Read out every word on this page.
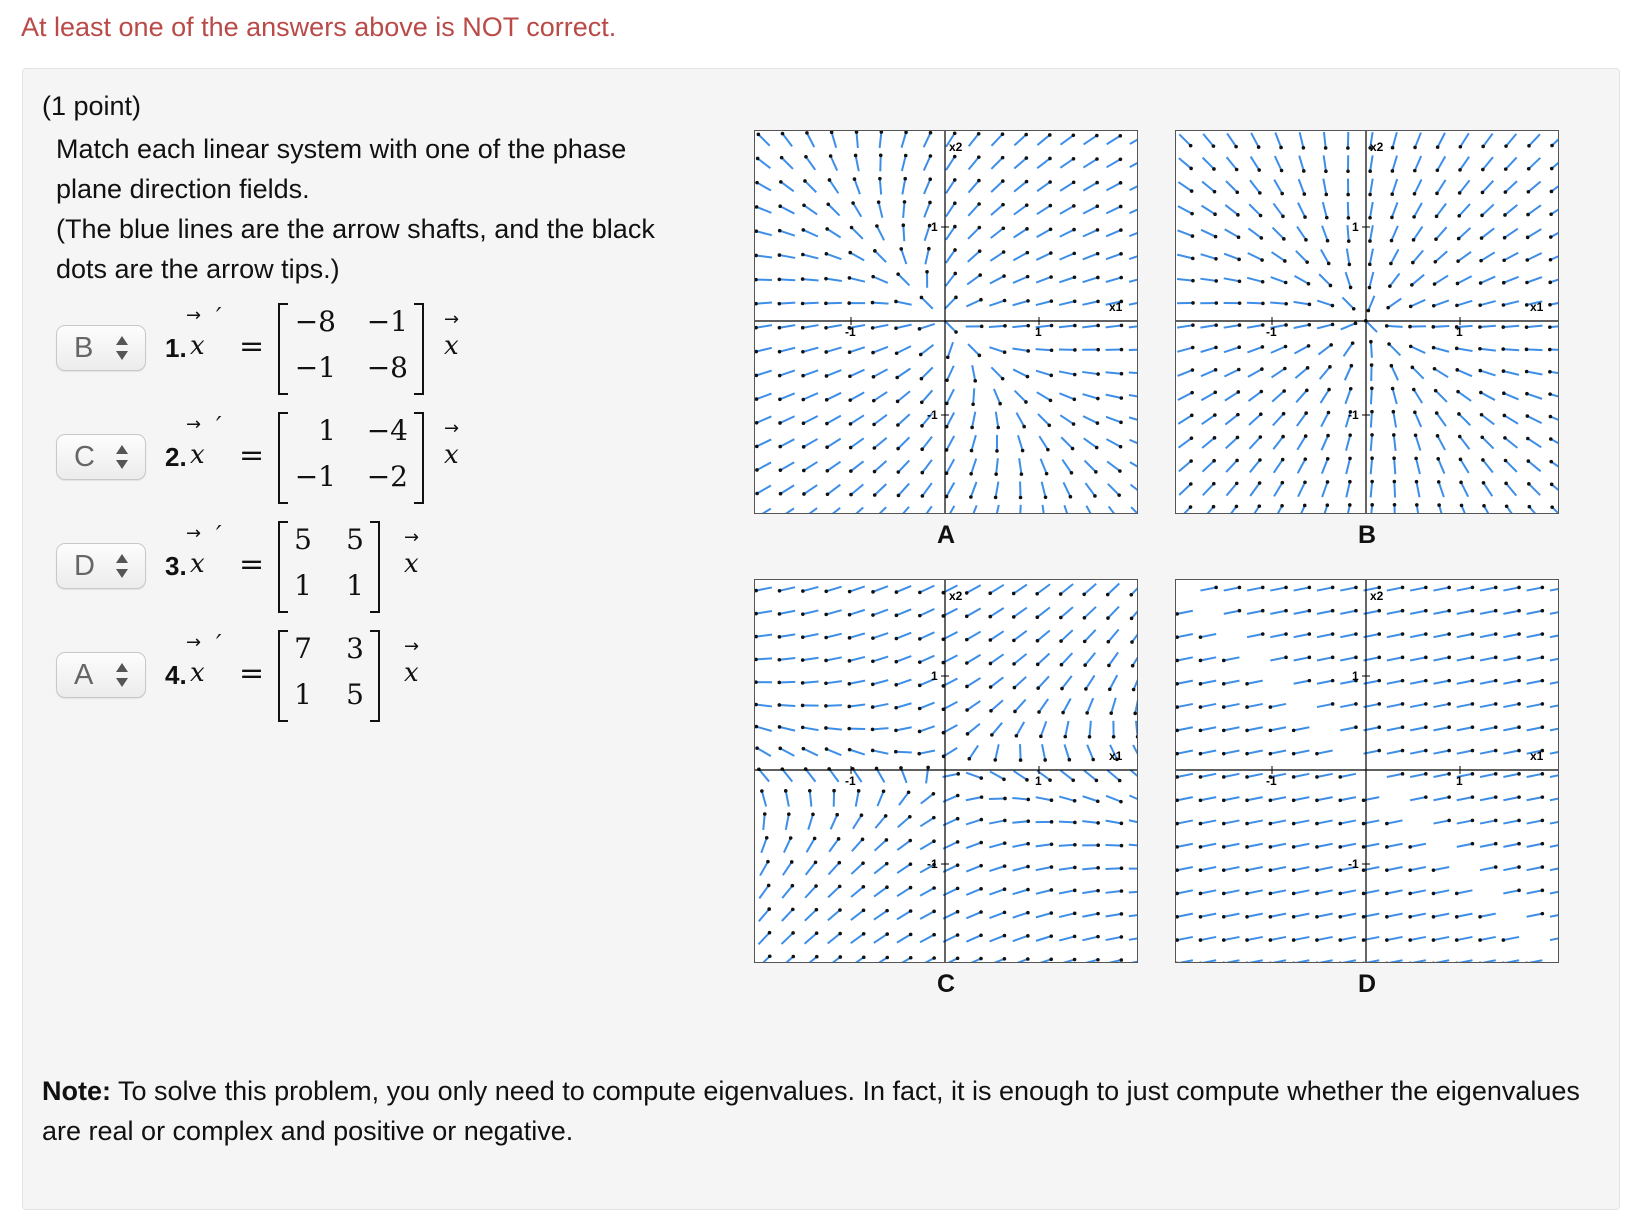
At least one of the answers above is NOT correct.
(1 point)

Match each linear system with one of the phase plane direction fields.

(The blue lines are the arrow shafts, and the black dots are the arrow tips.)

B	1.
→
x
′
=
−8	−1
−1	−8
→
x
C	2.
→
x
′
=
1	−4
−1	−2
→
x
D	3.
→
x
′
=
5	5
1	1
→
x
A	4.
→
x
′
=
7	3
1	5
→
x
1
-1
1
-1
x1
x2
1
-1
1
-1
x1
x2
1
-1
1
-1
x1
x2
1
-1
1
-1
x1
x2
A	B
C	D
Note: To solve this problem, you only need to compute eigenvalues. In fact, it is enough to just compute whether the eigenvalues are real or complex and positive or negative.
